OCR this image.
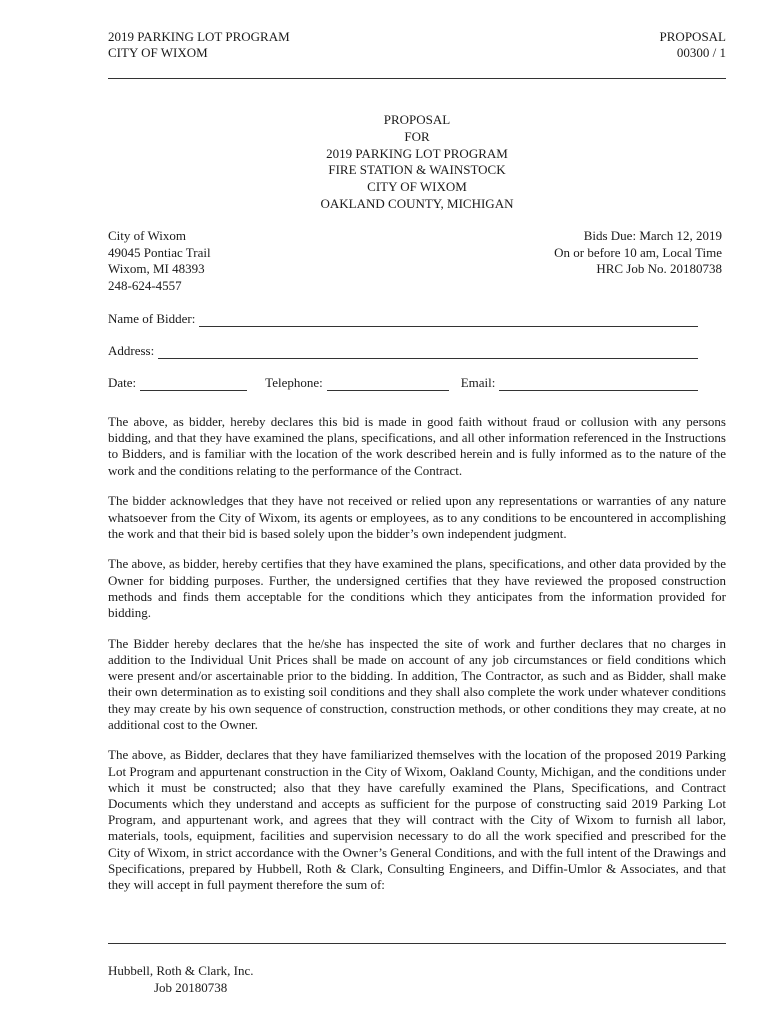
2019 PARKING LOT PROGRAM
CITY OF WIXOM
PROPOSAL
00300 / 1
PROPOSAL
FOR
2019 PARKING LOT PROGRAM
FIRE STATION & WAINSTOCK
CITY OF WIXOM
OAKLAND COUNTY, MICHIGAN
City of Wixom
49045 Pontiac Trail
Wixom, MI 48393
248-624-4557
Bids Due: March 12, 2019
On or before 10 am, Local Time
HRC Job No. 20180738
Name of Bidder:
Address:
Date:	Telephone:	Email:

The above, as bidder, hereby declares this bid is made in good faith without fraud or collusion with any persons bidding, and that they have examined the plans, specifications, and all other information referenced in the Instructions to Bidders, and is familiar with the location of the work described herein and is fully informed as to the nature of the work and the conditions relating to the performance of the Contract.

The bidder acknowledges that they have not received or relied upon any representations or warranties of any nature whatsoever from the City of Wixom, its agents or employees, as to any conditions to be encountered in accomplishing the work and that their bid is based solely upon the bidder’s own independent judgment.

The above, as bidder, hereby certifies that they have examined the plans, specifications, and other data provided by the Owner for bidding purposes. Further, the undersigned certifies that they have reviewed the proposed construction methods and finds them acceptable for the conditions which they anticipates from the information provided for bidding.

The Bidder hereby declares that the he/she has inspected the site of work and further declares that no charges in addition to the Individual Unit Prices shall be made on account of any job circumstances or field conditions which were present and/or ascertainable prior to the bidding. In addition, The Contractor, as such and as Bidder, shall make their own determination as to existing soil conditions and they shall also complete the work under whatever conditions they may create by his own sequence of construction, construction methods, or other conditions they may create, at no additional cost to the Owner.

The above, as Bidder, declares that they have familiarized themselves with the location of the proposed 2019 Parking Lot Program and appurtenant construction in the City of Wixom, Oakland County, Michigan, and the conditions under which it must be constructed; also that they have carefully examined the Plans, Specifications, and Contract Documents which they understand and accepts as sufficient for the purpose of constructing said 2019 Parking Lot Program, and appurtenant work, and agrees that they will contract with the City of Wixom to furnish all labor, materials, tools, equipment, facilities and supervision necessary to do all the work specified and prescribed for the City of Wixom, in strict accordance with the Owner’s General Conditions, and with the full intent of the Drawings and Specifications, prepared by Hubbell, Roth & Clark, Consulting Engineers, and Diffin-Umlor & Associates, and that they will accept in full payment therefore the sum of:

Hubbell, Roth & Clark, Inc.
Job 20180738
